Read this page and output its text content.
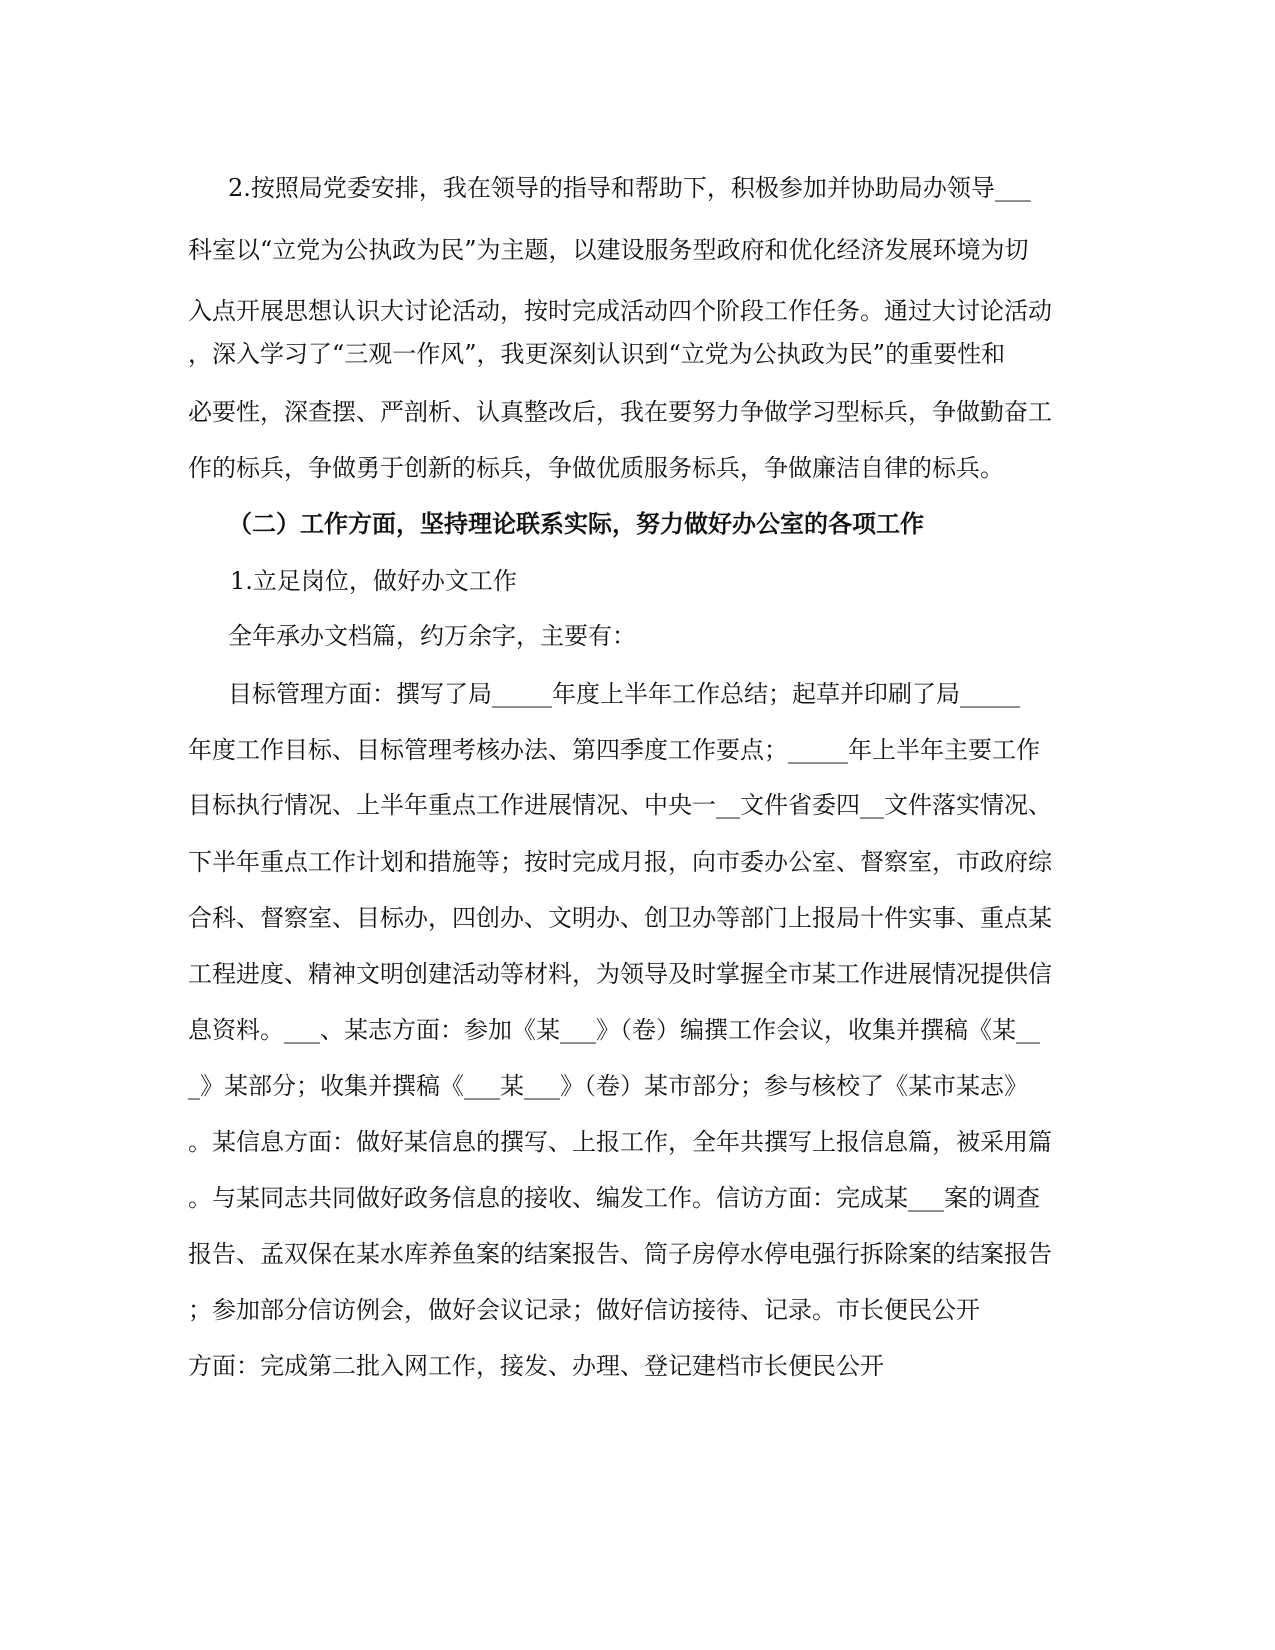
2.按照局党委安排，我在领导的指导和帮助下，积极参加并协助局办领导___

科室以“立党为公执政为民”为主题，以建设服务型政府和优化经济发展环境为切

入点开展思想认识大讨论活动，按时完成活动四个阶段工作任务。通过大讨论活动

，深入学习了“三观一作风”，我更深刻认识到“立党为公执政为民”的重要性和

必要性，深查摆、严剖析、认真整改后，我在要努力争做学习型标兵，争做勤奋工

作的标兵，争做勇于创新的标兵，争做优质服务标兵，争做廉洁自律的标兵。

（二）工作方面，坚持理论联系实际，努力做好办公室的各项工作

1.立足岗位，做好办文工作

全年承办文档篇，约万余字，主要有：

目标管理方面：撰写了局_____年度上半年工作总结；起草并印刷了局_____

年度工作目标、目标管理考核办法、第四季度工作要点；_____年上半年主要工作

目标执行情况、上半年重点工作进展情况、中央一__文件省委四__文件落实情况、

下半年重点工作计划和措施等；按时完成月报，向市委办公室、督察室，市政府综

合科、督察室、目标办，四创办、文明办、创卫办等部门上报局十件实事、重点某

工程进度、精神文明创建活动等材料，为领导及时掌握全市某工作进展情况提供信

息资料。___、某志方面：参加《某___》（卷）编撰工作会议，收集并撰稿《某__

_》某部分；收集并撰稿《___某___》（卷）某市部分；参与核校了《某市某志》

。某信息方面：做好某信息的撰写、上报工作，全年共撰写上报信息篇，被采用篇

。与某同志共同做好政务信息的接收、编发工作。信访方面：完成某___案的调查

报告、孟双保在某水库养鱼案的结案报告、筒子房停水停电强行拆除案的结案报告

；参加部分信访例会，做好会议记录；做好信访接待、记录。市长便民公开

方面：完成第二批入网工作，接发、办理、登记建档市长便民公开
